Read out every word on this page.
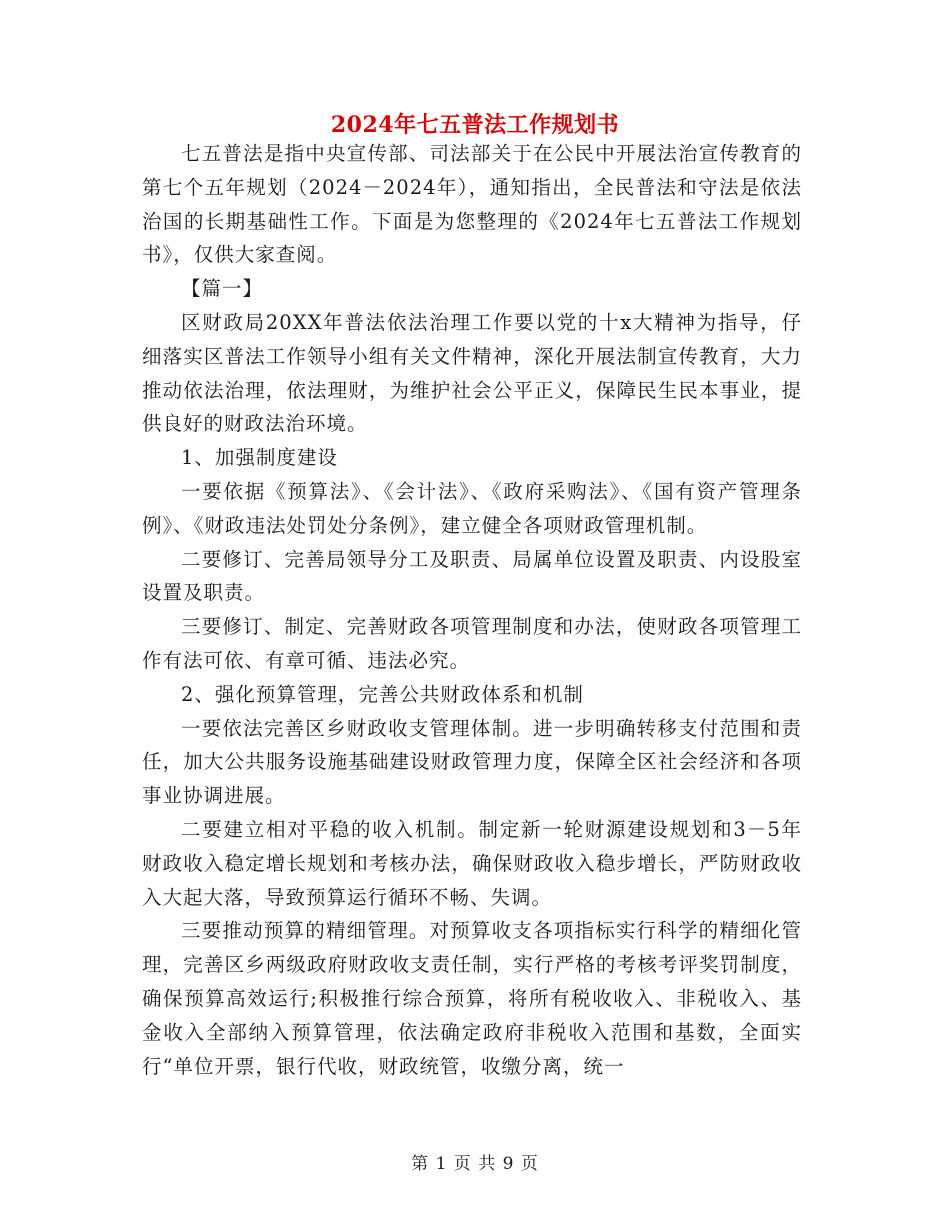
2024年七五普法工作规划书

七五普法是指中央宣传部、司法部关于在公民中开展法治宣传教育的第七个五年规划（2024－2024年），通知指出，全民普法和守法是依法治国的长期基础性工作。下面是为您整理的《2024年七五普法工作规划书》，仅供大家查阅。

【篇一】

区财政局20XX年普法依法治理工作要以党的十x大精神为指导，仔细落实区普法工作领导小组有关文件精神，深化开展法制宣传教育，大力推动依法治理，依法理财，为维护社会公平正义，保障民生民本事业，提供良好的财政法治环境。

1、加强制度建设

一要依据《预算法》、《会计法》、《政府采购法》、《国有资产管理条例》、《财政违法处罚处分条例》，建立健全各项财政管理机制。

二要修订、完善局领导分工及职责、局属单位设置及职责、内设股室设置及职责。

三要修订、制定、完善财政各项管理制度和办法，使财政各项管理工作有法可依、有章可循、违法必究。

2、强化预算管理，完善公共财政体系和机制

一要依法完善区乡财政收支管理体制。进一步明确转移支付范围和责任，加大公共服务设施基础建设财政管理力度，保障全区社会经济和各项事业协调进展。

二要建立相对平稳的收入机制。制定新一轮财源建设规划和3－5年财政收入稳定增长规划和考核办法，确保财政收入稳步增长，严防财政收入大起大落，导致预算运行循环不畅、失调。

三要推动预算的精细管理。对预算收支各项指标实行科学的精细化管理，完善区乡两级政府财政收支责任制，实行严格的考核考评奖罚制度，确保预算高效运行;积极推行综合预算，将所有税收收入、非税收入、基金收入全部纳入预算管理，依法确定政府非税收入范围和基数，全面实行“单位开票，银行代收，财政统管，收缴分离，统一

第 1 页 共 9 页
